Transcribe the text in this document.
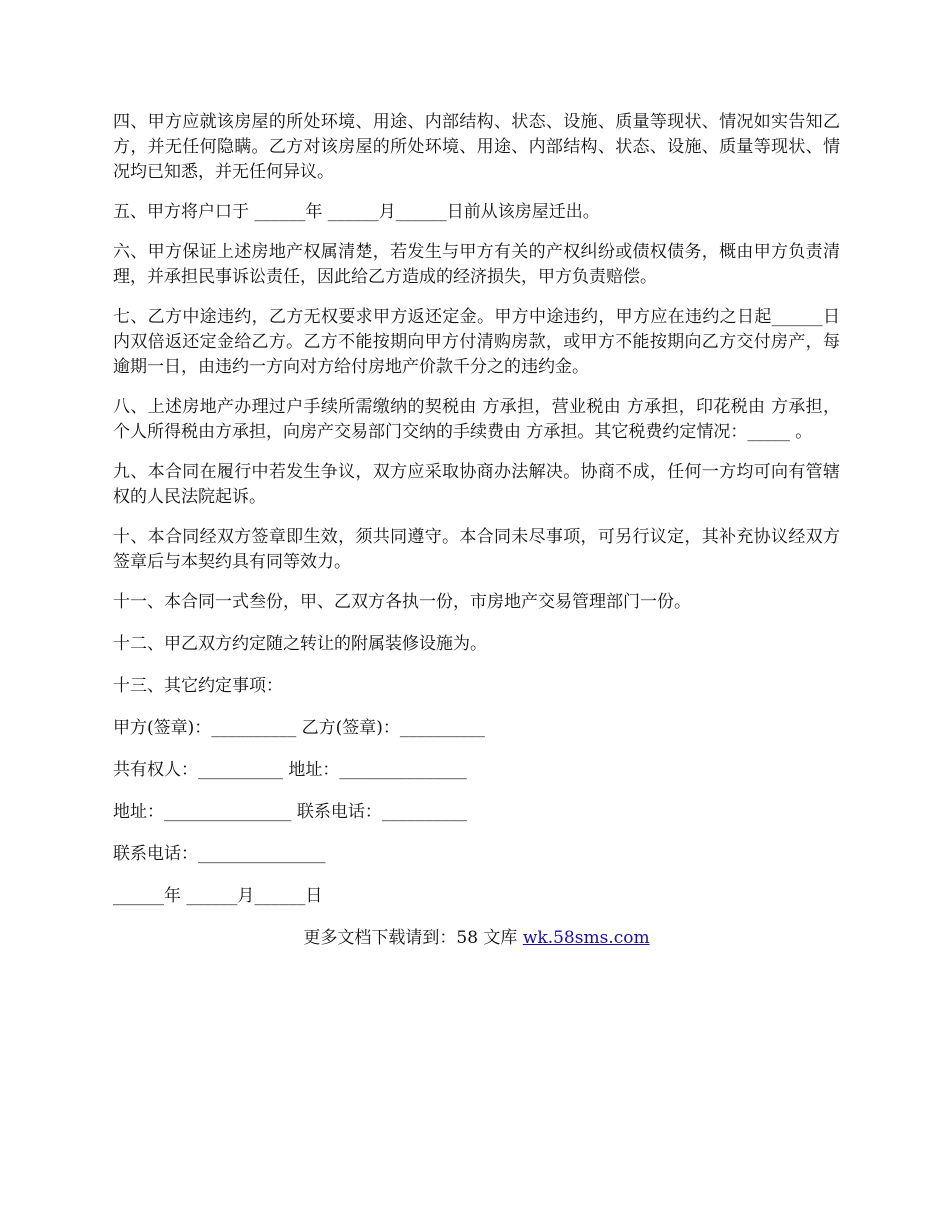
四、甲方应就该房屋的所处环境、用途、内部结构、状态、设施、质量等现状、情况如实告知乙方，并无任何隐瞒。乙方对该房屋的所处环境、用途、内部结构、状态、设施、质量等现状、情况均已知悉，并无任何异议。

五、甲方将户口于 ______年 ______月______日前从该房屋迁出。

六、甲方保证上述房地产权属清楚，若发生与甲方有关的产权纠纷或债权债务，概由甲方负责清理，并承担民事诉讼责任，因此给乙方造成的经济损失，甲方负责赔偿。

七、乙方中途违约，乙方无权要求甲方返还定金。甲方中途违约，甲方应在违约之日起______日内双倍返还定金给乙方。乙方不能按期向甲方付清购房款，或甲方不能按期向乙方交付房产，每逾期一日，由违约一方向对方给付房地产价款千分之的违约金。

八、上述房地产办理过户手续所需缴纳的契税由 方承担，营业税由 方承担，印花税由 方承担，个人所得税由方承担，向房产交易部门交纳的手续费由 方承担。其它税费约定情况：_____ 。

九、本合同在履行中若发生争议，双方应采取协商办法解决。协商不成，任何一方均可向有管辖权的人民法院起诉。

十、本合同经双方签章即生效，须共同遵守。本合同未尽事项，可另行议定，其补充协议经双方签章后与本契约具有同等效力。

十一、本合同一式叁份，甲、乙双方各执一份，市房地产交易管理部门一份。

十二、甲乙双方约定随之转让的附属装修设施为。

十三、其它约定事项：

甲方(签章)：__________ 乙方(签章)：__________

共有权人：__________ 地址：_______________

地址：_______________ 联系电话：__________

联系电话：_______________

______年 ______月______日

更多文档下载请到：58 文库 wk.58sms.com
